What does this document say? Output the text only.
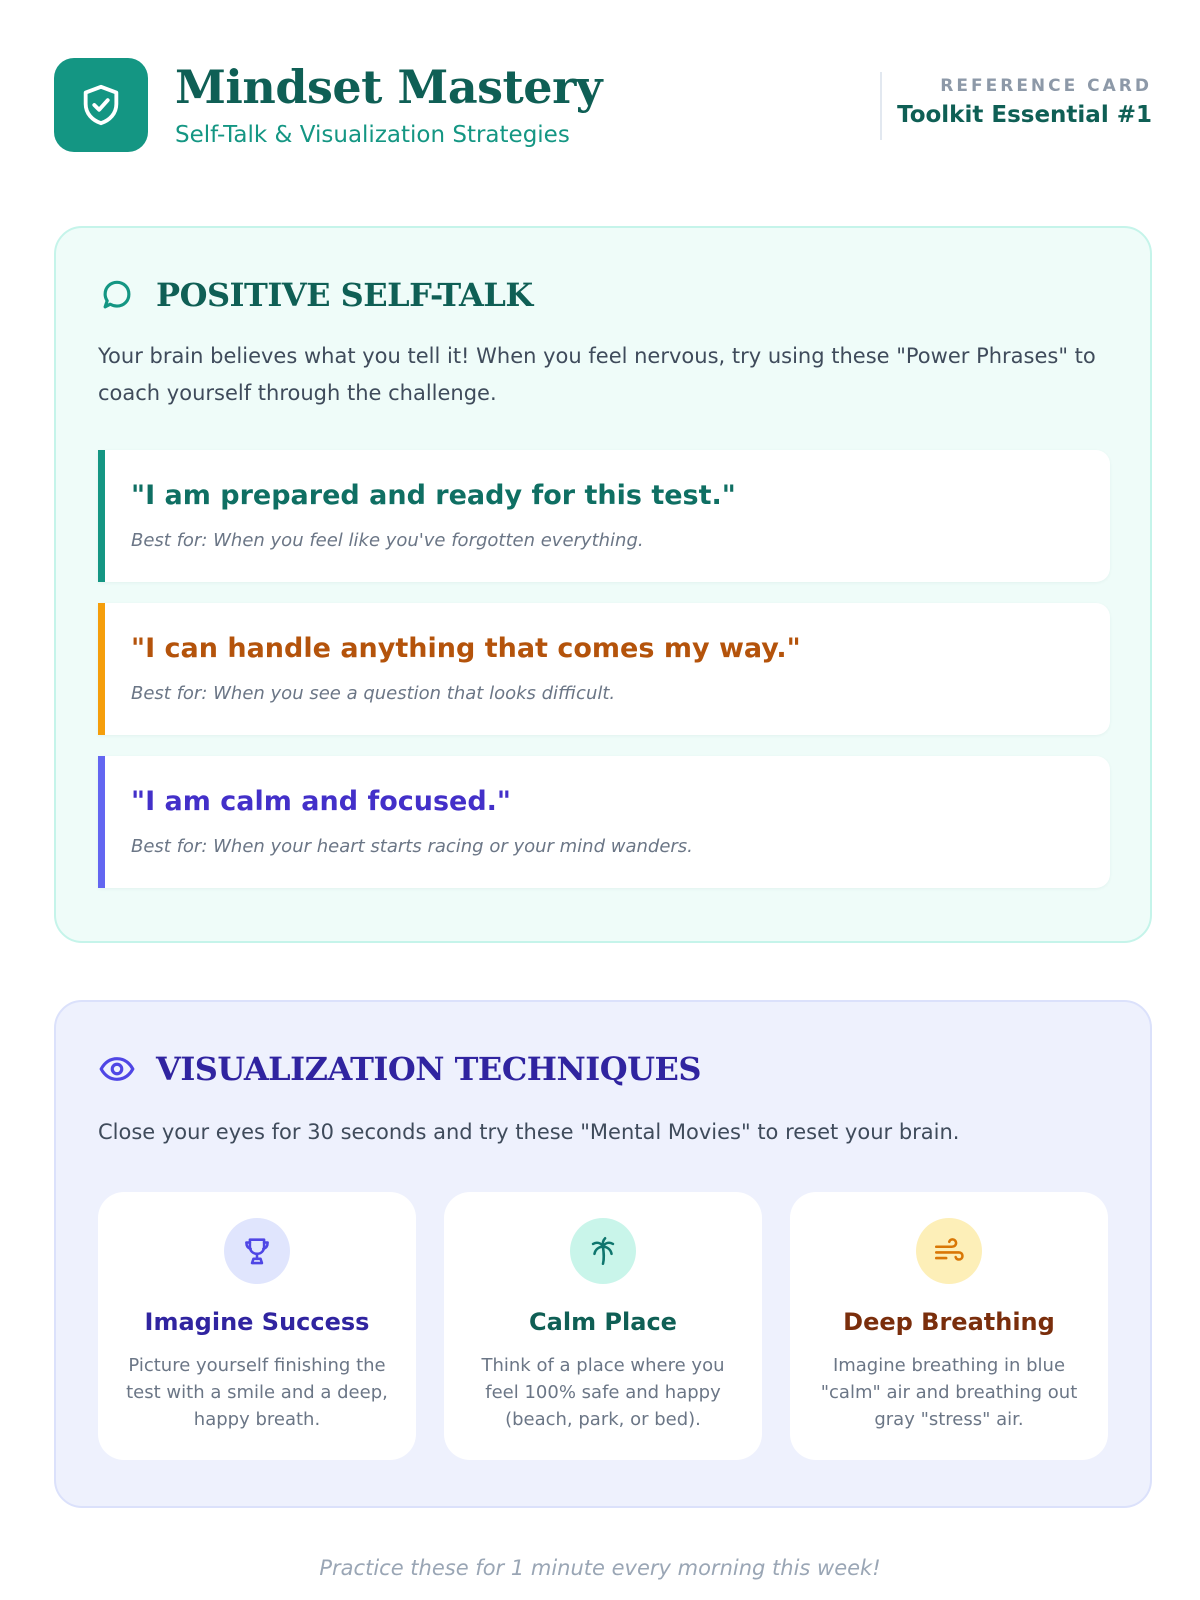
Mindset Mastery
Self-Talk & Visualization Strategies
REFERENCE CARD
Toolkit Essential #1
POSITIVE SELF-TALK

Your brain believes what you tell it! When you feel nervous, try using these "Power Phrases" to coach yourself through the challenge.

"I am prepared and ready for this test."
Best for: When you feel like you've forgotten everything.
"I can handle anything that comes my way."
Best for: When you see a question that looks difficult.
"I am calm and focused."
Best for: When your heart starts racing or your mind wanders.
VISUALIZATION TECHNIQUES

Close your eyes for 30 seconds and try these "Mental Movies" to reset your brain.

Imagine Success

Picture yourself finishing the test with a smile and a deep, happy breath.

Calm Place

Think of a place where you feel 100% safe and happy (beach, park, or bed).

Deep Breathing

Imagine breathing in blue "calm" air and breathing out gray "stress" air.

Practice these for 1 minute every morning this week!
